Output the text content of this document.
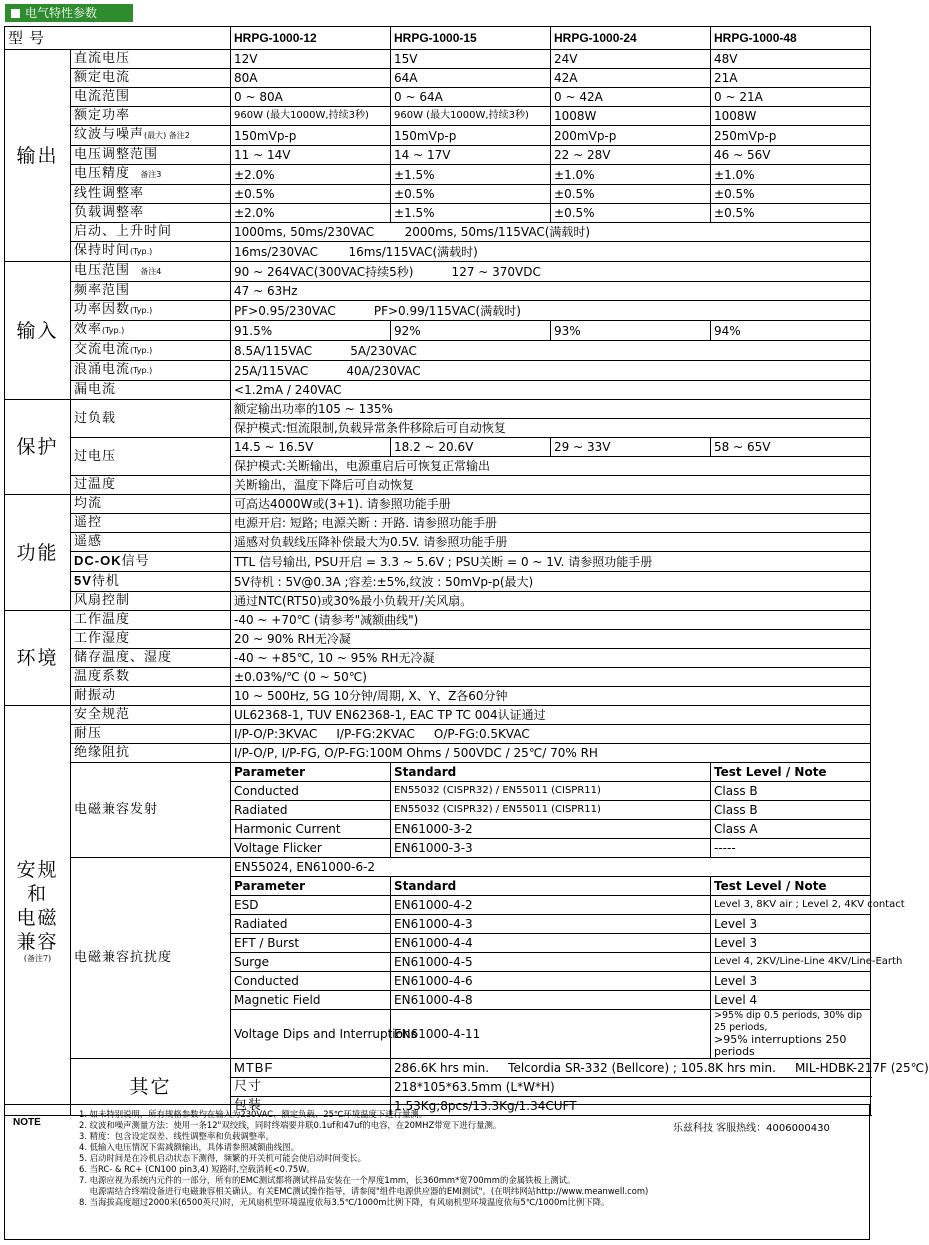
电气特性参数
型号		HRPG-1000-12	HRPG-1000-15	HRPG-1000-24	HRPG-1000-48
输出	直流电压	12V	15V	24V	48V
	额定电流	80A	64A	42A	21A
	电流范围	0 ~ 80A	0 ~ 64A	0 ~ 42A	0 ~ 21A
	额定功率	960W (最大1000W,持续3秒)	960W (最大1000W,持续3秒)	1008W	1008W
	纹波与噪声(最大) 备注2	150mVp-p	150mVp-p	200mVp-p	250mVp-p
	电压调整范围	11 ~ 14V	14 ~ 17V	22 ~ 28V	46 ~ 56V
	电压精度 备注3	±2.0%	±1.5%	±1.0%	±1.0%
	线性调整率	±0.5%	±0.5%	±0.5%	±0.5%
	负载调整率	±2.0%	±1.5%	±0.5%	±0.5%
	启动、上升时间	1000ms, 50ms/230VAC        2000ms, 50ms/115VAC(满载时)			
	保持时间(Typ.)	16ms/230VAC        16ms/115VAC(满载时)			
输入	电压范围 备注4	90 ~ 264VAC(300VAC持续5秒)          127 ~ 370VDC			
	频率范围	47 ~ 63Hz			
	功率因数(Typ.)	PF>0.95/230VAC          PF>0.99/115VAC(满载时)			
	效率(Typ.)	91.5%	92%	93%	94%
	交流电流(Typ.)	8.5A/115VAC          5A/230VAC			
	浪涌电流(Typ.)	25A/115VAC          40A/230VAC			
	漏电流	<1.2mA / 240VAC			
保护	过负载	额定输出功率的105 ~ 135%			
		保护模式:恒流限制,负载异常条件移除后可自动恢复			
	过电压	14.5 ~ 16.5V	18.2 ~ 20.6V	29 ~ 33V	58 ~ 65V
		保护模式:关断输出，电源重启后可恢复正常输出			
	过温度	关断输出，温度下降后可自动恢复			
功能	均流	可高达4000W或(3+1). 请参照功能手册			
	遥控	电源开启: 短路; 电源关断 : 开路. 请参照功能手册			
	遥感	遥感对负载线压降补偿最大为0.5V. 请参照功能手册			
	DC-OK信号	TTL 信号输出, PSU开启 = 3.3 ~ 5.6V ; PSU关断 = 0 ~ 1V. 请参照功能手册			
	5V待机	5V待机 : 5V@0.3A ;容差:±5%,纹波 : 50mVp-p(最大)			
	风扇控制	通过NTC(RT50)或30%最小负载开/关风扇。			
环境	工作温度	-40 ~ +70℃ (请参考"减额曲线")			
	工作湿度	20 ~ 90% RH无冷凝			
	储存温度、湿度	-40 ~ +85℃, 10 ~ 95% RH无冷凝			
	温度系数	±0.03%/℃ (0 ~ 50℃)			
	耐振动	10 ~ 500Hz, 5G 10分钟/周期, X、Y、Z各60分钟			

安规和
电磁
兼容
(备注7)	安全规范	UL62368-1, TUV EN62368-1, EAC TP TC 004认证通过			
	耐压	I/P-O/P:3KVAC     I/P-FG:2KVAC     O/P-FG:0.5KVAC			
	绝缘阻抗	I/P-O/P, I/P-FG, O/P-FG:100M Ohms / 500VDC / 25℃/ 70% RH			
	电磁兼容发射	Parameter	Standard		Test Level / Note
		Conducted	EN55032 (CISPR32) / EN55011 (CISPR11)		Class B
		Radiated	EN55032 (CISPR32) / EN55011 (CISPR11)		Class B
		Harmonic Current	EN61000-3-2		Class A
		Voltage Flicker	EN61000-3-3		-----
	电磁兼容抗扰度	EN55024, EN61000-6-2			
		Parameter	Standard		Test Level / Note
		ESD	EN61000-4-2		Level 3, 8KV air ; Level 2, 4KV contact
		Radiated	EN61000-4-3		Level 3
		EFT / Burst	EN61000-4-4		Level 3
		Surge	EN61000-4-5		Level 4, 2KV/Line-Line 4KV/Line-Earth
		Conducted	EN61000-4-6		Level 3
		Magnetic Field	EN61000-4-8		Level 4
		Voltage Dips and Interruptions	EN61000-4-11		>95% dip 0.5 periods, 30% dip 25 periods,
>95% interruptions 250 periods

	其它	MTBF	286.6K hrs min.     Telcordia SR-332 (Bellcore) ; 105.8K hrs min.     MIL-HDBK-217F (25℃)		
		尺寸	218*105*63.5mm (L*W*H)		
		包装	1.53Kg;8pcs/13.3Kg/1.34CUFT		
NOTE
乐兹科技 客服热线：4006000430
1. 如未特别说明，所有规格参数均在输入为230VAC、额定负载、25℃环境温度下进行量测。
2. 纹波和噪声测量方法：使用一条12"双绞线，同时终端要并联0.1uf和47uf的电容，在20MHZ带宽下进行量测。
3. 精度：包含设定误差、线性调整率和负载调整率。
4. 低输入电压情况下需减额输出，具体请参照减额曲线图。
5. 启动时间是在冷机启动状态下测得，频繁的开关机可能会使启动时间变长。
6. 当RC- & RC+ (CN100 pin3,4) 短路时,空载消耗<0.75W。
7. 电源应视为系统内元件的一部分，所有的EMC测试都将测试样品安装在一个厚度1mm，长360mm*宽700mm的金属铁板上测试。
电源需结合终端设备进行电磁兼容相关确认。有关EMC测试操作指导，请参阅"组件电源供应器的EMI测试"。(在明纬网站http://www.meanwell.com)
8. 当海拔高度超过2000米(6500英尺)时，无风扇机型环境温度依每3.5℃/1000m比例下降，有风扇机型环境温度依每5℃/1000m比例下降。
